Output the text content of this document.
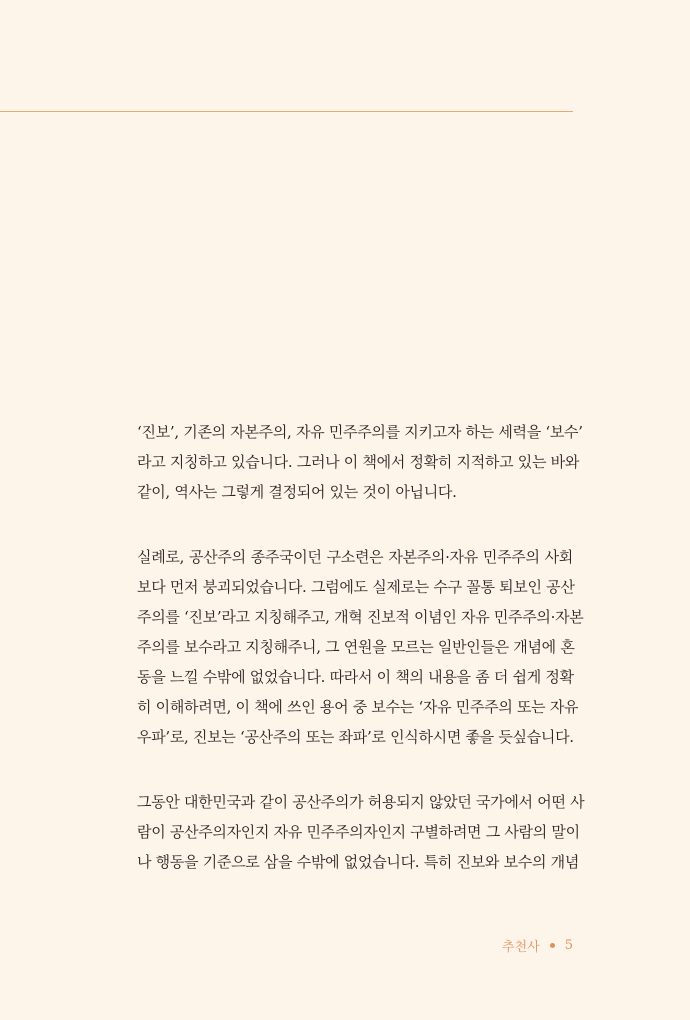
‘진보’, 기존의 자본주의, 자유 민주주의를 지키고자 하는 세력을 ‘보수’
라고 지칭하고 있습니다. 그러나 이 책에서 정확히 지적하고 있는 바와
같이, 역사는 그렇게 결정되어 있는 것이 아닙니다.
실례로, 공산주의 종주국이던 구소련은 자본주의·자유 민주주의 사회
보다 먼저 붕괴되었습니다. 그럼에도 실제로는 수구 꼴통 퇴보인 공산
주의를 ‘진보’라고 지칭해주고, 개혁 진보적 이념인 자유 민주주의·자본
주의를 보수라고 지칭해주니, 그 연원을 모르는 일반인들은 개념에 혼
동을 느낄 수밖에 없었습니다. 따라서 이 책의 내용을 좀 더 쉽게 정확
히 이해하려면, 이 책에 쓰인 용어 중 보수는 ‘자유 민주주의 또는 자유
우파’로, 진보는 ‘공산주의 또는 좌파’로 인식하시면 좋을 듯싶습니다.
그동안 대한민국과 같이 공산주의가 허용되지 않았던 국가에서 어떤 사
람이 공산주의자인지 자유 민주주의자인지 구별하려면 그 사람의 말이
나 행동을 기준으로 삼을 수밖에 없었습니다. 특히 진보와 보수의 개념
추천사 5
